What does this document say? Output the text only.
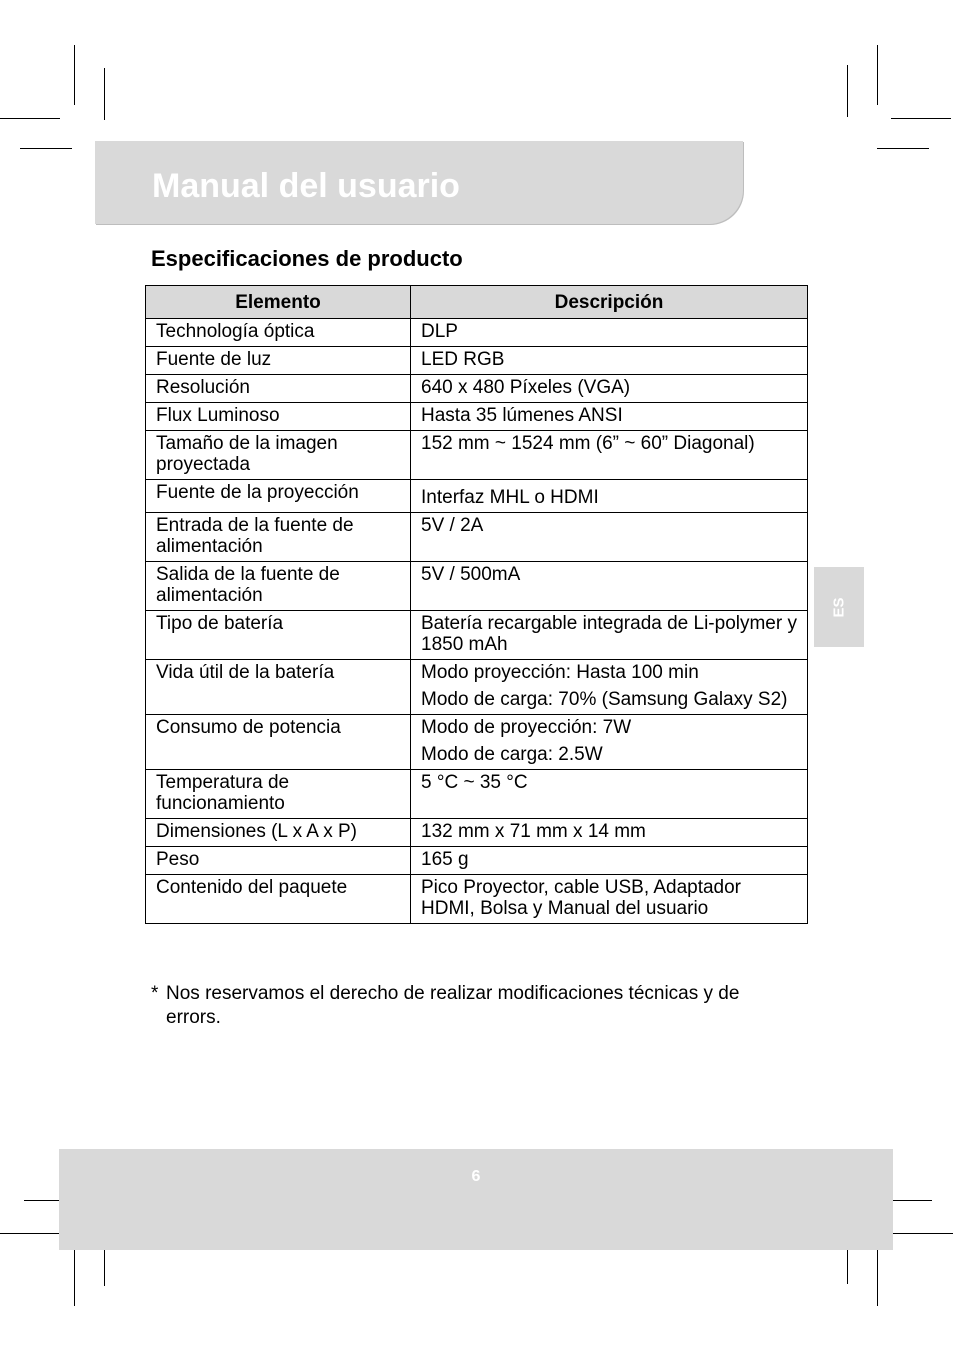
Manual del usuario
Especificaciones de producto
Elemento	Descripción
Technología óptica	DLP

Fuente de luz	LED RGB

Resolución	640 x 480 Píxeles (VGA)

Flux Luminoso	Hasta 35 lúmenes ANSI

Tamaño de la imagen proyectada	152 mm ~ 1524 mm (6” ~ 60” Diagonal)

Fuente de la proyección	Interfaz MHL o HDMI

Entrada de la fuente de alimentación	5V / 2A

Salida de la fuente de alimentación	5V / 500mA

Tipo de batería	Batería recargable integrada de Li-polymer y 1850 mAh

Vida útil de la batería	Modo proyección: Hasta 100 min
Modo de carga: 70% (Samsung Galaxy S2)

Consumo de potencia	Modo de proyección: 7W
Modo de carga: 2.5W

Temperatura de funcionamiento	5 °C ~ 35 °C

Dimensiones (L x A x P)	132 mm x 71 mm x 14 mm

Peso	165 g

Contenido del paquete	Pico Proyector, cable USB, Adaptador HDMI, Bolsa y Manual del usuario
* Nos reservamos el derecho de realizar modificaciones técnicas y de errors.
ES
6
